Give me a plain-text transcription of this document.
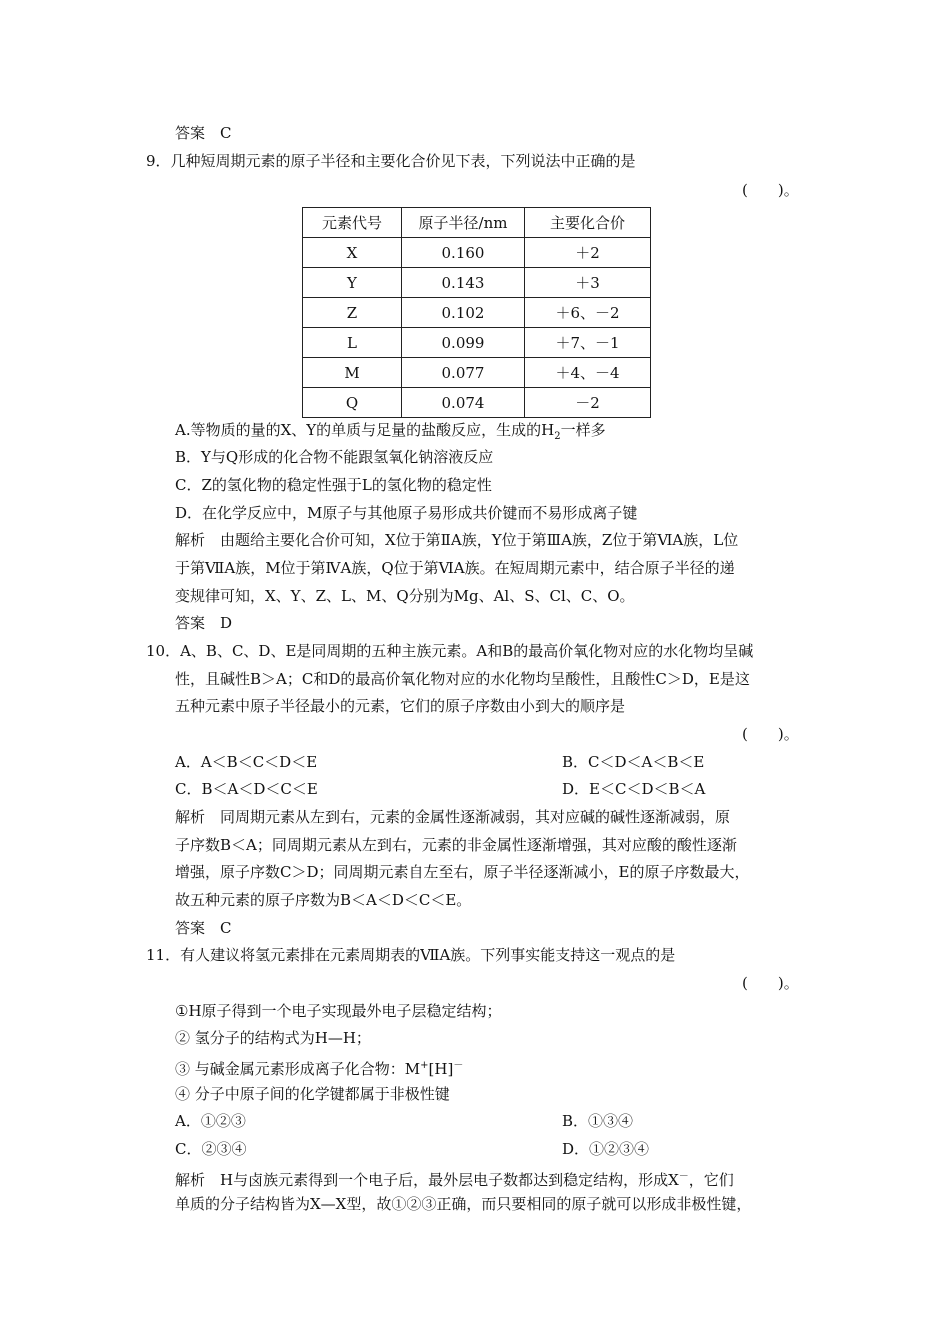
答案　C
9．几种短周期元素的原子半径和主要化合价见下表，下列说法中正确的是
(　　)。
元素代号	原子半径/nm	主要化合价
X	0.160	＋2
Y	0.143	＋3
Z	0.102	＋6、－2
L	0.099	＋7、－1
M	0.077	＋4、－4
Q	0.074	－2
A.等物质的量的X、Y的单质与足量的盐酸反应，生成的$H_2$一样多
B．Y与Q形成的化合物不能跟氢氧化钠溶液反应
C．Z的氢化物的稳定性强于L的氢化物的稳定性
D．在化学反应中，M原子与其他原子易形成共价键而不易形成离子键
解析　由题给主要化合价可知，X位于第ⅡA族，Y位于第ⅢA族，Z位于第ⅥA族，L位
于第ⅦA族，M位于第ⅣA族，Q位于第ⅥA族。在短周期元素中，结合原子半径的递
变规律可知，X、Y、Z、L、M、Q分别为Mg、Al、S、Cl、C、O。
答案　D
10．A、B、C、D、E是同周期的五种主族元素。A和B的最高价氧化物对应的水化物均呈碱
性，且碱性B＞A；C和D的最高价氧化物对应的水化物均呈酸性，且酸性C＞D，E是这
五种元素中原子半径最小的元素，它们的原子序数由小到大的顺序是
(　　)。
A．A＜B＜C＜D＜E	B．C＜D＜A＜B＜E
C．B＜A＜D＜C＜E	D．E＜C＜D＜B＜A
解析　同周期元素从左到右，元素的金属性逐渐减弱，其对应碱的碱性逐渐减弱，原
子序数B＜A；同周期元素从左到右，元素的非金属性逐渐增强，其对应酸的酸性逐渐
增强，原子序数C＞D；同周期元素自左至右，原子半径逐渐减小，E的原子序数最大，
故五种元素的原子序数为B＜A＜D＜C＜E。
答案　C
11．有人建议将氢元素排在元素周期表的ⅦA族。下列事实能支持这一观点的是
(　　)。
①H原子得到一个电子实现最外电子层稳定结构；
② 氢分子的结构式为H—H；
③ 与碱金属元素形成离子化合物：M+[H]－
④ 分子中原子间的化学键都属于非极性键
A．①②③	B．①③④
C．②③④	D．①②③④
解析　H与卤族元素得到一个电子后，最外层电子数都达到稳定结构，形成X－，它们
单质的分子结构皆为X—X型，故①②③正确，而只要相同的原子就可以形成非极性键，
